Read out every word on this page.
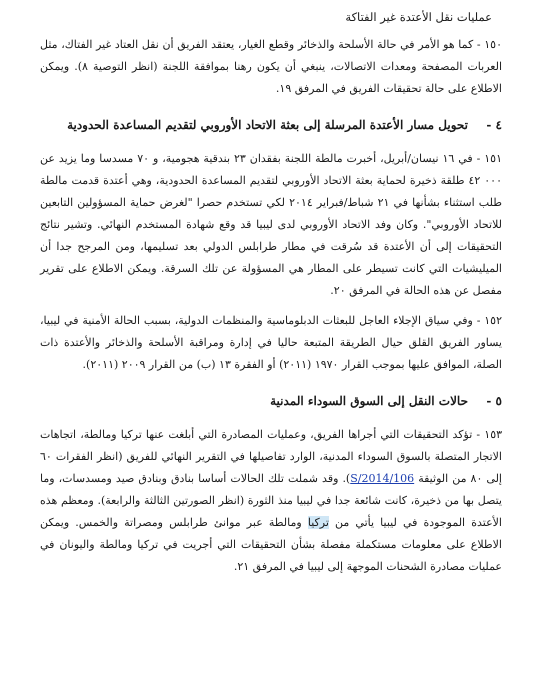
عمليات نقل الأعتدة غير الفتاكة

١٥٠ - كما هو الأمر في حالة الأسلحة والذخائر وقطع الغيار، يعتقد الفريق أن نقل العتاد غير الفتاك، مثل العربات المصفحة ومعدات الاتصالات، ينبغي أن يكون رهنا بموافقة اللجنة (انظر التوصية ٨). ويمكن الاطلاع على حالة تحقيقات الفريق في المرفق ١٩.

٤ -
تحويل مسار الأعتدة المرسلة إلى بعثة الاتحاد الأوروبي لتقديم المساعدة الحدودية

١٥١ - في ١٦ نيسان/أبريل، أخبرت مالطة اللجنة بفقدان ٢٣ بندقية هجومية، و ٧٠ مسدسا وما يزيد عن ٠٠٠ ٤٢ طلقة ذخيرة لحماية بعثة الاتحاد الأوروبي لتقديم المساعدة الحدودية، وهي أعتدة قدمت مالطة طلب استثناء بشأنها في ٢١ شباط/فبراير ٢٠١٤ لكي تستخدم حصرا "لغرض حماية المسؤولين التابعين للاتحاد الأوروبي". وكان وفد الاتحاد الأوروبي لدى ليبيا قد وقع شهادة المستخدم النهائي. وتشير نتائج التحقيقات إلى أن الأعتدة قد سُرقت في مطار طرابلس الدولي بعد تسليمها، ومن المرجح جدا أن الميليشيات التي كانت تسيطر على المطار هي المسؤولة عن تلك السرقة. ويمكن الاطلاع على تقرير مفصل عن هذه الحالة في المرفق ٢٠.

١٥٢ - وفي سياق الإجلاء العاجل للبعثات الدبلوماسية والمنظمات الدولية، بسبب الحالة الأمنية في ليبيا، يساور الفريق القلق حيال الطريقة المتبعة حاليا في إدارة ومراقبة الأسلحة والذخائر والأعتدة ذات الصلة، الموافق عليها بموجب القرار ١٩٧٠ (٢٠١١) أو الفقرة ١٣ (ب) من القرار ٢٠٠٩ (٢٠١١).

٥ -
حالات النقل إلى السوق السوداء المدنية

١٥٣ - تؤكد التحقيقات التي أجراها الفريق، وعمليات المصادرة التي أبلغت عنها تركيا ومالطة، اتجاهات الاتجار المتصلة بالسوق السوداء المدنية، الوارد تفاصيلها في التقرير النهائي للفريق (انظر الفقرات ٦٠ إلى ٨٠ من الوثيقة S/2014/106). وقد شملت تلك الحالات أساسا بنادق وبنادق صيد ومسدسات، وما يتصل بها من ذخيرة، كانت شائعة جدا في ليبيا منذ الثورة (انظر الصورتين الثالثة والرابعة). ومعظم هذه الأعتدة الموجودة في ليبيا يأتي من تركيا ومالطة عبر موانئ طرابلس ومصراتة والخمس. ويمكن الاطلاع على معلومات مستكملة مفصلة بشأن التحقيقات التي أجريت في تركيا ومالطة واليونان في عمليات مصادرة الشحنات الموجهة إلى ليبيا في المرفق ٢١.
